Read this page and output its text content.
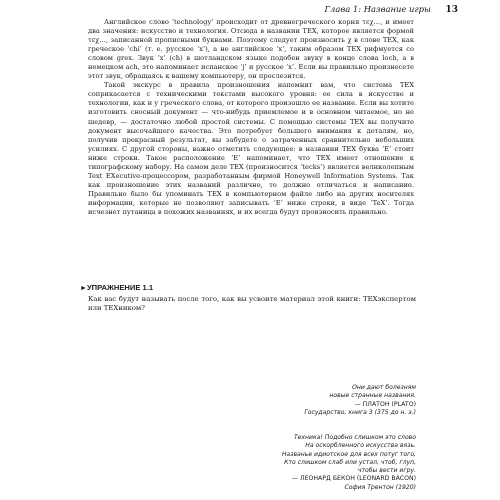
Глава 1: Название игры 13

Английское слово ‘technology’ происходит от древнегреческого корня τεχ…, и имеет два значения: искусство и технология. Отсюда в названии TEX, которое является формой τεχ…, записанной прописными буквами. Поэтому следует произносить χ в слове TEX, как греческое ‘chi’ (т. е. русское ‘х’), а не английское ‘x’, таким образом TEX рифмуется со словом grex. Звук ‘х’ (ch) в шотландском языке подобен звуку в конце слова loch, а в немецком ach, это напоминает испанское ‘j’ и русское ‘х’. Если вы правильно произнесете этот звук, обращаясь к вашему компьютеру, он прослезится.

Такой экскурс в правила произношения напомнит вам, что система TEX соприкасается с техническими текстами высокого уровня: ее сила в искусстве и технологии, как и у греческого слова, от которого произошло ее название. Если вы хотите изготовить сносный документ — что-нибудь приемлемое и в основном читаемое, но не шедевр, — достаточно любой простой системы. С помощью системы TEX вы получите документ высочайшего качества. Это потребует большего внимания к деталям, но, получив прекрасный результат, вы забудете о затраченных сравнительно небольших усилиях. С другой стороны, важно отметить следующее: в названии TEX буква ‘E’ стоит ниже строки. Такое расположение ‘E’ напоминает, что TEX имеет отношение к типографскому набору. На самом деле TEX (произносится ‘tecks’) является великолепным Text EXecutive-процессором, разработанным фирмой Honeywell Information Systems. Так как произношение этих названий различно, то должно отличаться и написание. Правильно было бы упоминать TEX в компьютерном файле либо на других носителях информации, которые не позволяют записывать ‘E’ ниже строки, в виде ‘TeX’. Тогда исчезнет путаница в похожих названиях, и их всегда будут произносить правильно.

►УПРАЖНЕНИЕ 1.1

Как вас будут называть после того, как вы усвоите материал этой книги: TEXэкспертом или TEXником?

Они дают болезням
новые странные названия.
— ПЛАТОН (PLATO)
Государство, книга 3 (375 до н. э.)
Техника! Подобно слишком это слово
На оскорбленного искусства вязь.
Названье идиотское для всех потуг того,
Кто слишком слаб или устал, чтоб, глуп,
чтобы вести игру.
— ЛЕОНАРД БЕКОН (LEONARD BACON)
София Трентон (1920)
